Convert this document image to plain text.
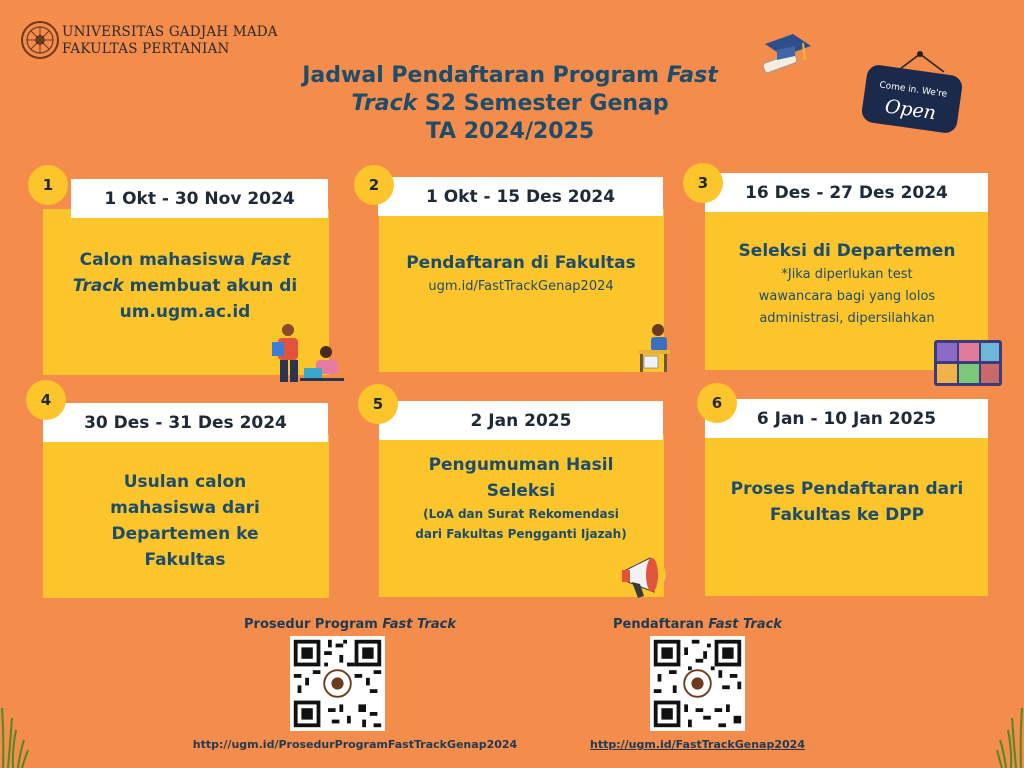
UNIVERSITAS GADJAH MADA
FAKULTAS PERTANIAN
Jadwal Pendaftaran Program Fast
Track S2 Semester Genap
TA 2024/2025
Come in. We're
Open
1 Okt - 30 Nov 2024
1
Calon mahasiswa Fast
Track membuat akun di
um.ugm.ac.id
1 Okt - 15 Des 2024
2
Pendaftaran di Fakultas
ugm.id/FastTrackGenap2024
16 Des - 27 Des 2024
3
Seleksi di Departemen
*Jika diperlukan test
wawancara bagi yang lolos
administrasi, dipersilahkan
30 Des - 31 Des 2024
4
Usulan calon
mahasiswa dari
Departemen ke
Fakultas
2 Jan 2025
5
Pengumuman Hasil
Seleksi
(LoA dan Surat Rekomendasi
dari Fakultas Pengganti Ijazah)
6 Jan - 10 Jan 2025
6
Proses Pendaftaran dari
Fakultas ke DPP
Prosedur Program Fast Track
http://ugm.id/ProsedurProgramFastTrackGenap2024
Pendaftaran Fast Track
http://ugm.id/FastTrackGenap2024
